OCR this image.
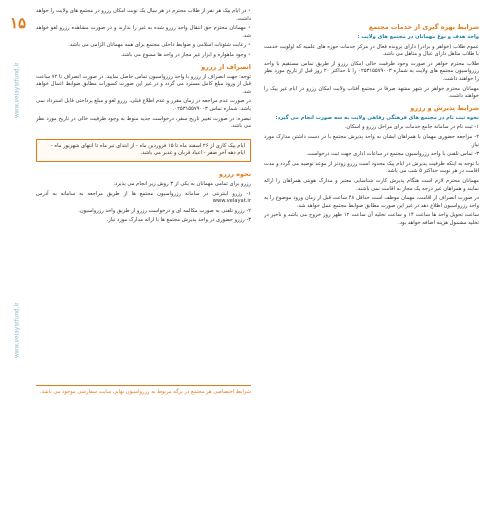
۱۵
www.velayatfund.ir
www.velayatfund.ir
شرایط بهره گیری از خدمات مجتمع
واحد هدف و نوع مهمانان در مجتمع های ولایت :
عموم طلاب (خواهر و برادر) دارای پرونده فعال در مرکز خدمات حوزه های علمیه که اولویت خدمت با طلاب متاهل دارای عیال و متاهل می باشد.
طلاب محترم خواهر در صورت وجود ظرفیت خالی امکان رزرو از طریق تماس مستقیم با واحد رزرواسیون مجتمع های ولایت به شماره ۰۲۵۳۱۵۵۷۹۰۰۳ را تا حداکثر ۲۰ روز قبل از تاریخ مورد نظر را خواهند داشت.
مهمانان محترم خواهر در شهر مشهد صرفا در مجتمع آفتاب ولایت امکان رزرو در ایام غیر پیک را خواهند داشت.
شرایط پذیرش و رزرو
نحوه ثبت نام در مجتمع های فرهنگی رفاهی ولایت به سه صورت انجام می گیرد:
۱- ثبت نام در سامانه جامع خدمات برای مراحل رزرو و اسکان.
۲- مراجعه حضوری مهمان یا همراهان ایشان به واحد پذیرش مجتمع با در دست داشتن مدارک مورد نیاز.
۳- تماس تلفنی با واحد رزرواسیون مجتمع در ساعات اداری جهت ثبت درخواست.
با توجه به اینکه ظرفیت پذیرش در ایام پیک محدود است رزرو زودتر از موعد توصیه می گردد و مدت اقامت در هر نوبت حداکثر ۵ شب می باشد.
مهمانان محترم لازم است هنگام پذیرش کارت شناسایی معتبر و مدارک هویتی همراهان را ارائه نمایند و همراهان غیر درجه یک مجاز به اقامت نمی باشند.
در صورت انصراف از اقامت، مهمان موظف است حداقل ۴۸ ساعت قبل از زمان ورود موضوع را به واحد رزرواسیون اطلاع دهد در غیر این صورت مطابق ضوابط مجتمع عمل خواهد شد.
ساعت تحویل واحد ها ساعت ۱۴ و ساعت تخلیه آن ساعت ۱۲ ظهر روز خروج می باشد و تاخیر در تخلیه مشمول هزینه اضافه خواهد بود.
• در ایام پیک هر نفر از طلاب محترم در هر سال یک نوبت امکان رزرو در مجتمع های ولایت را خواهد داشت.
• مهمانان محترم حق انتقال واحد رزرو شده به غیر را ندارند و در صورت مشاهده رزرو لغو خواهد شد.
• رعایت شئونات اسلامی و ضوابط داخلی مجتمع برای همه مهمانان الزامی می باشد.
• وجود ماهواره و ابزار غیر مجاز در واحد ها ممنوع می باشد.
انصراف از رزرو
توجه: جهت انصراف از رزرو با واحد رزرواسیون تماس حاصل نمایید. در صورت انصراف تا ۷۲ ساعت قبل از ورود مبلغ کامل مسترد می گردد و در غیر این صورت کسورات مطابق ضوابط اعمال خواهد شد.
در صورت عدم مراجعه در زمان مقرر و عدم اطلاع قبلی، رزرو لغو و مبلغ پرداختی قابل استرداد نمی باشد. شماره تماس ۰۲۵۳۱۵۵۷۹۰۰۳.
تبصره: در صورت تغییر تاریخ سفر، درخواست جدید منوط به وجود ظرفیت خالی در تاریخ مورد نظر می باشد.
ایام پیک کاری از ۲۶ اسفند ماه تا ۱۵ فروردین ماه - از ابتدای تیر ماه تا انتهای شهریور ماه - ایام دهه آخر صفر - اعیاد قربان و غدیر می باشد.
نحوه رزرو
رزرو برای تمامی مهمانان به یکی از ۳ روش زیر انجام می پذیرد:
۱- رزرو اینترنتی در سامانه رزرواسیون مجتمع ها از طریق مراجعه به سامانه به آدرس www.velayat.ir
۲- رزرو تلفنی به صورت مکالمه ای و درخواست رزرو از طریق واحد رزرواسیون.
۳- رزرو حضوری در واحد پذیرش مجتمع ها با ارائه مدارک مورد نیاز.
شرایط اختصاصی هر مجتمع در برگه مربوط به رزرواسیون نهایی سایت سفارشی موجود می باشد.
